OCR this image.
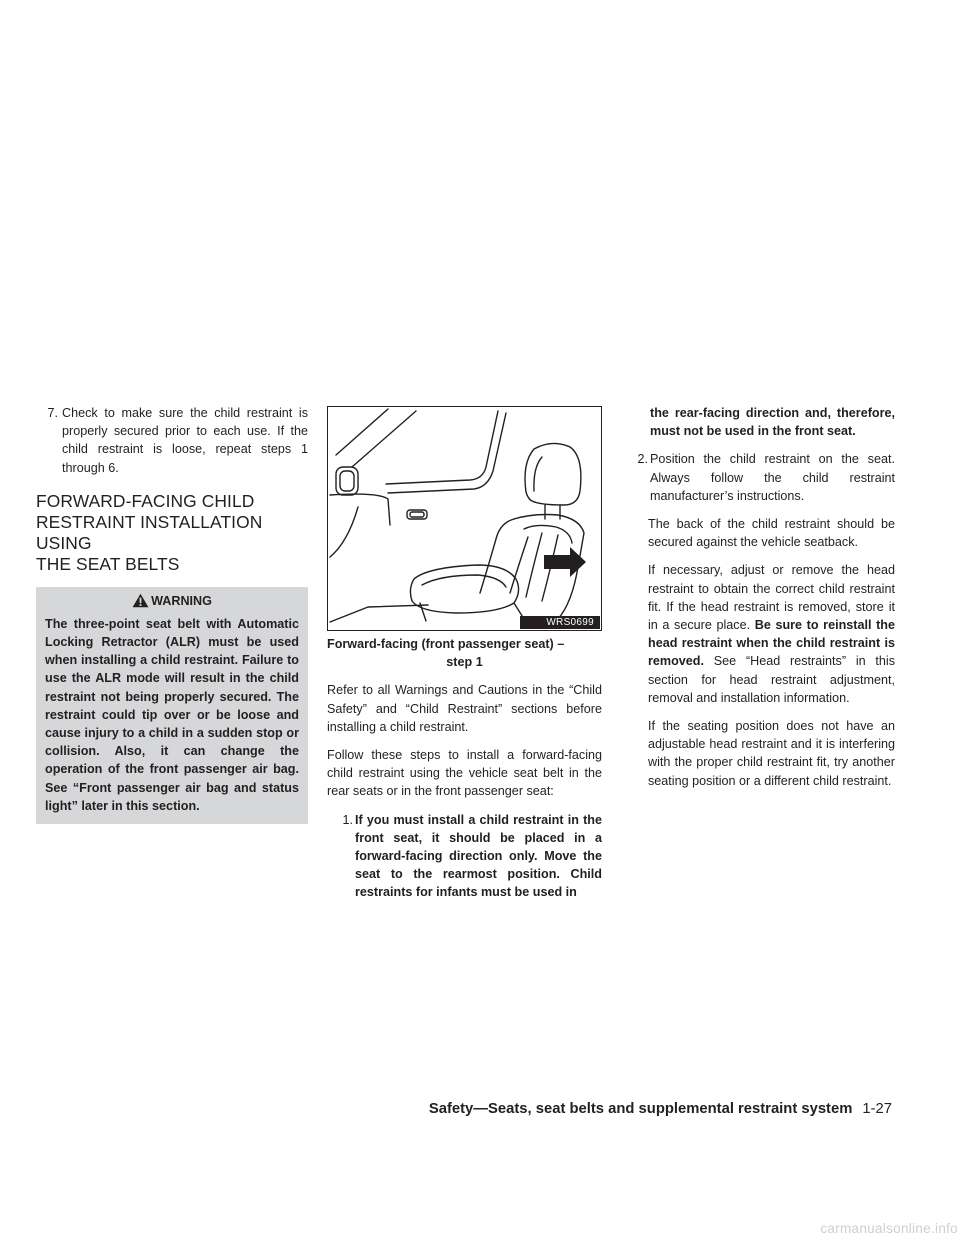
7. Check to make sure the child restraint is properly secured prior to each use. If the child restraint is loose, repeat steps 1 through 6.
FORWARD-FACING CHILD
RESTRAINT INSTALLATION USING
THE SEAT BELTS
WARNING
The three-point seat belt with Automatic Locking Retractor (ALR) must be used when installing a child restraint. Failure to use the ALR mode will result in the child restraint not being properly secured. The restraint could tip over or be loose and cause injury to a child in a sudden stop or collision. Also, it can change the operation of the front passenger air bag. See “Front passenger air bag and status light” later in this section.
WRS0699
Forward-facing (front passenger seat) –
step 1

Refer to all Warnings and Cautions in the “Child Safety” and “Child Restraint” sections before installing a child restraint.

Follow these steps to install a forward-facing child restraint using the vehicle seat belt in the rear seats or in the front passenger seat:

1. If you must install a child restraint in the front seat, it should be placed in a forward-facing direction only. Move the seat to the rearmost position. Child restraints for infants must be used in
the rear-facing direction and, therefore, must not be used in the front seat.
2. Position the child restraint on the seat. Always follow the child restraint manufacturer’s instructions.

The back of the child restraint should be secured against the vehicle seatback.

If necessary, adjust or remove the head restraint to obtain the correct child restraint fit. If the head restraint is removed, store it in a secure place. Be sure to reinstall the head restraint when the child restraint is removed. See “Head restraints” in this section for head restraint adjustment, removal and installation information.

If the seating position does not have an adjustable head restraint and it is interfering with the proper child restraint fit, try another seating position or a different child restraint.

Safety—Seats, seat belts and supplemental restraint system 1-27
carmanualsonline.info
